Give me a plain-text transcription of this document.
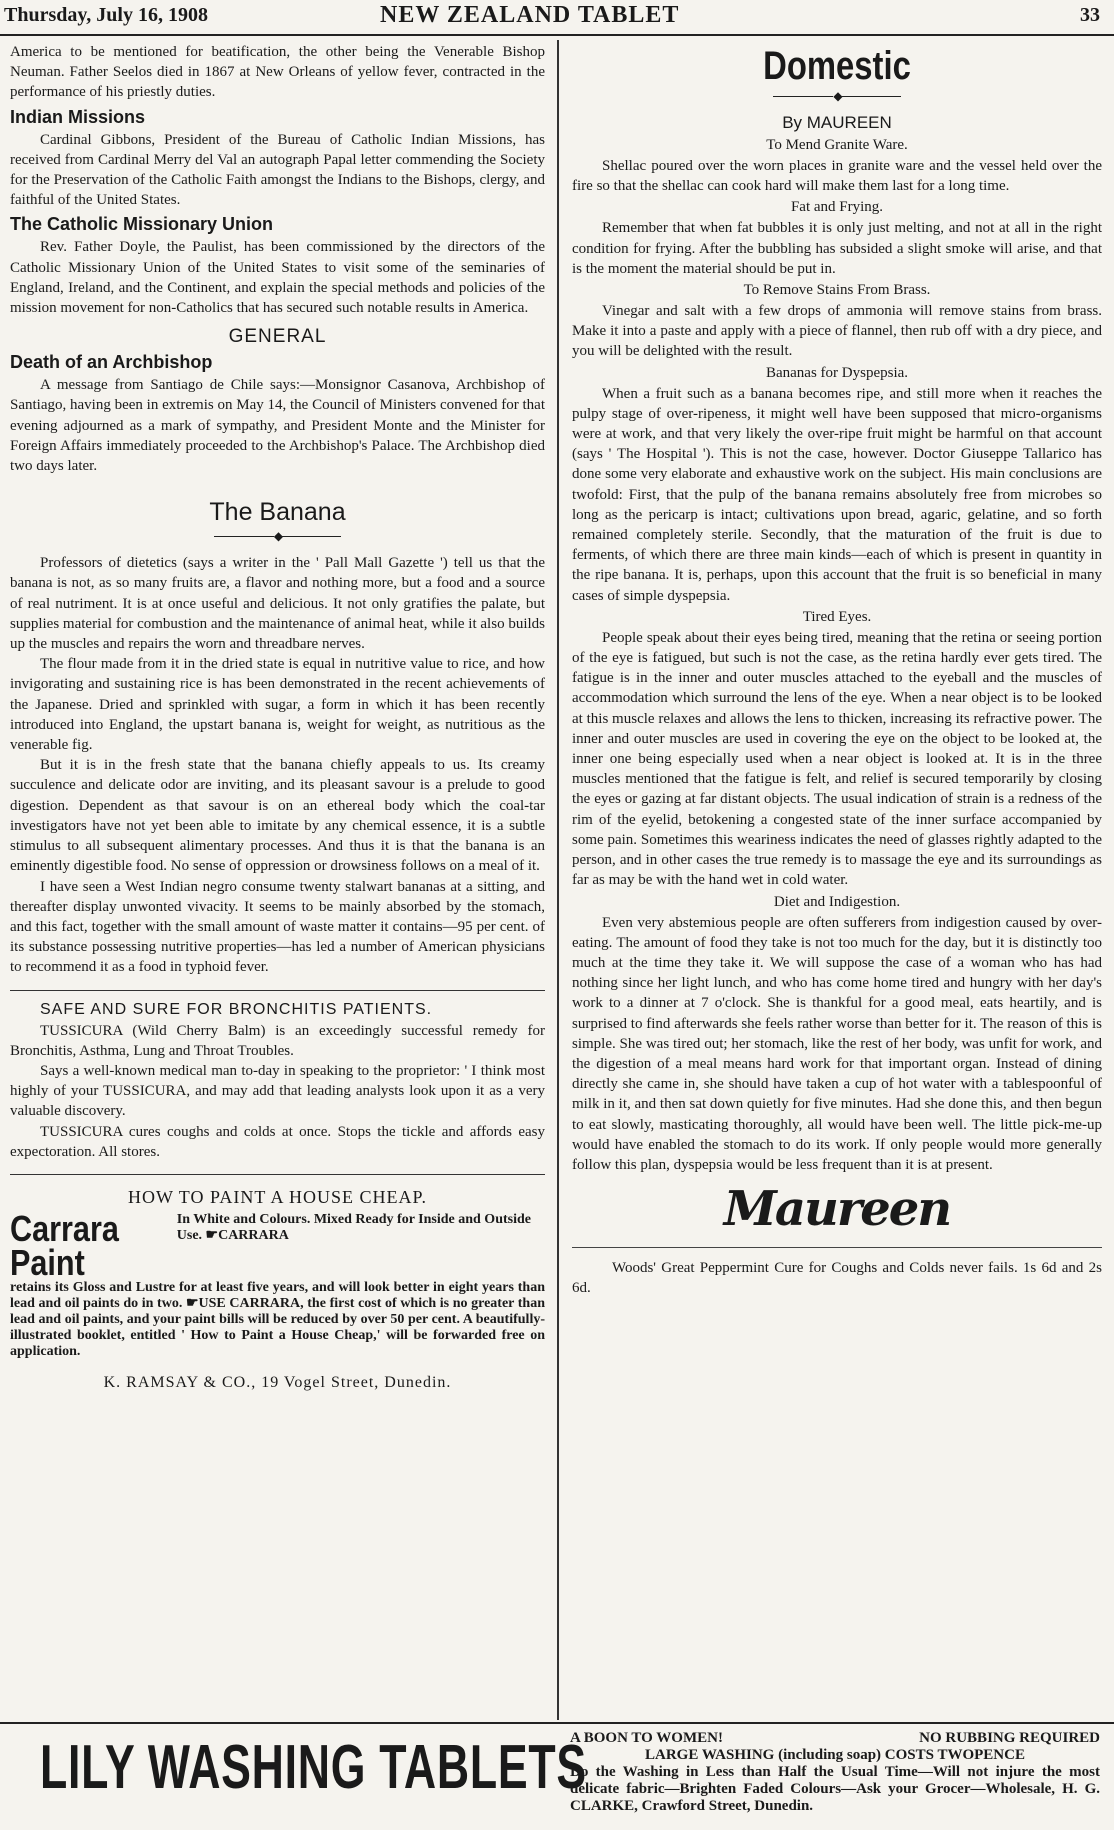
Thursday, July 16, 1908	NEW ZEALAND TABLET	33

America to be mentioned for beatification, the other being the Venerable Bishop Neuman. Father Seelos died in 1867 at New Orleans of yellow fever, contracted in the performance of his priestly duties.

Indian Missions

Cardinal Gibbons, President of the Bureau of Catholic Indian Missions, has received from Cardinal Merry del Val an autograph Papal letter commending the Society for the Preservation of the Catholic Faith amongst the Indians to the Bishops, clergy, and faithful of the United States.

The Catholic Missionary Union

Rev. Father Doyle, the Paulist, has been commissioned by the directors of the Catholic Missionary Union of the United States to visit some of the seminaries of England, Ireland, and the Continent, and explain the special methods and policies of the mission movement for non-Catholics that has secured such notable results in America.

GENERAL
Death of an Archbishop

A message from Santiago de Chile says:—Monsignor Casanova, Archbishop of Santiago, having been in extremis on May 14, the Council of Ministers convened for that evening adjourned as a mark of sympathy, and President Monte and the Minister for Foreign Affairs immediately proceeded to the Archbishop's Palace. The Archbishop died two days later.

The Banana
◆

Professors of dietetics (says a writer in the ' Pall Mall Gazette ') tell us that the banana is not, as so many fruits are, a flavor and nothing more, but a food and a source of real nutriment. It is at once useful and delicious. It not only gratifies the palate, but supplies material for combustion and the maintenance of animal heat, while it also builds up the muscles and repairs the worn and threadbare nerves.

The flour made from it in the dried state is equal in nutritive value to rice, and how invigorating and sustaining rice is has been demonstrated in the recent achievements of the Japanese. Dried and sprinkled with sugar, a form in which it has been recently introduced into England, the upstart banana is, weight for weight, as nutritious as the venerable fig.

But it is in the fresh state that the banana chiefly appeals to us. Its creamy succulence and delicate odor are inviting, and its pleasant savour is a prelude to good digestion. Dependent as that savour is on an ethereal body which the coal-tar investigators have not yet been able to imitate by any chemical essence, it is a subtle stimulus to all subsequent alimentary processes. And thus it is that the banana is an eminently digestible food. No sense of oppression or drowsiness follows on a meal of it.

I have seen a West Indian negro consume twenty stalwart bananas at a sitting, and thereafter display unwonted vivacity. It seems to be mainly absorbed by the stomach, and this fact, together with the small amount of waste matter it contains—95 per cent. of its substance possessing nutritive properties—has led a number of American physicians to recommend it as a food in typhoid fever.

SAFE AND SURE FOR BRONCHITIS PATIENTS.

TUSSICURA (Wild Cherry Balm) is an exceedingly successful remedy for Bronchitis, Asthma, Lung and Throat Troubles.

Says a well-known medical man to-day in speaking to the proprietor: ' I think most highly of your TUSSICURA, and may add that leading analysts look upon it as a very valuable discovery.

TUSSICURA cures coughs and colds at once. Stops the tickle and affords easy expectoration. All stores.

HOW TO PAINT A HOUSE CHEAP.
Carrara Paint
In White and Colours. Mixed Ready for Inside and Outside Use. ☛CARRARA
retains its Gloss and Lustre for at least five years, and will look better in eight years than lead and oil paints do in two. ☛USE CARRARA, the first cost of which is no greater than lead and oil paints, and your paint bills will be reduced by over 50 per cent. A beautifully-illustrated booklet, entitled ' How to Paint a House Cheap,' will be forwarded free on application.
K. RAMSAY & CO., 19 Vogel Street, Dunedin.
Domestic
◆
By MAUREEN
To Mend Granite Ware.

Shellac poured over the worn places in granite ware and the vessel held over the fire so that the shellac can cook hard will make them last for a long time.

Fat and Frying.

Remember that when fat bubbles it is only just melting, and not at all in the right condition for frying. After the bubbling has subsided a slight smoke will arise, and that is the moment the material should be put in.

To Remove Stains From Brass.

Vinegar and salt with a few drops of ammonia will remove stains from brass. Make it into a paste and apply with a piece of flannel, then rub off with a dry piece, and you will be delighted with the result.

Bananas for Dyspepsia.

When a fruit such as a banana becomes ripe, and still more when it reaches the pulpy stage of over-ripeness, it might well have been supposed that micro-organisms were at work, and that very likely the over-ripe fruit might be harmful on that account (says ' The Hospital '). This is not the case, however. Doctor Giuseppe Tallarico has done some very elaborate and exhaustive work on the subject. His main conclusions are twofold: First, that the pulp of the banana remains absolutely free from microbes so long as the pericarp is intact; cultivations upon bread, agaric, gelatine, and so forth remained completely sterile. Secondly, that the maturation of the fruit is due to ferments, of which there are three main kinds—each of which is present in quantity in the ripe banana. It is, perhaps, upon this account that the fruit is so beneficial in many cases of simple dyspepsia.

Tired Eyes.

People speak about their eyes being tired, meaning that the retina or seeing portion of the eye is fatigued, but such is not the case, as the retina hardly ever gets tired. The fatigue is in the inner and outer muscles attached to the eyeball and the muscles of accommodation which surround the lens of the eye. When a near object is to be looked at this muscle relaxes and allows the lens to thicken, increasing its refractive power. The inner and outer muscles are used in covering the eye on the object to be looked at, the inner one being especially used when a near object is looked at. It is in the three muscles mentioned that the fatigue is felt, and relief is secured temporarily by closing the eyes or gazing at far distant objects. The usual indication of strain is a redness of the rim of the eyelid, betokening a congested state of the inner surface accompanied by some pain. Sometimes this weariness indicates the need of glasses rightly adapted to the person, and in other cases the true remedy is to massage the eye and its surroundings as far as may be with the hand wet in cold water.

Diet and Indigestion.

Even very abstemious people are often sufferers from indigestion caused by over-eating. The amount of food they take is not too much for the day, but it is distinctly too much at the time they take it. We will suppose the case of a woman who has had nothing since her light lunch, and who has come home tired and hungry with her day's work to a dinner at 7 o'clock. She is thankful for a good meal, eats heartily, and is surprised to find afterwards she feels rather worse than better for it. The reason of this is simple. She was tired out; her stomach, like the rest of her body, was unfit for work, and the digestion of a meal means hard work for that important organ. Instead of dining directly she came in, she should have taken a cup of hot water with a tablespoonful of milk in it, and then sat down quietly for five minutes. Had she done this, and then begun to eat slowly, masticating thoroughly, all would have been well. The little pick-me-up would have enabled the stomach to do its work. If only people would more generally follow this plan, dyspepsia would be less frequent than it is at present.

Maureen

Woods' Great Peppermint Cure for Coughs and Colds never fails. 1s 6d and 2s 6d.

LILY WASHING TABLETS
A BOON TO WOMEN!	NO RUBBING REQUIRED
LARGE WASHING (including soap) COSTS TWOPENCE
Do the Washing in Less than Half the Usual Time—Will not injure the most delicate fabric—Brighten Faded Colours—Ask your Grocer—Wholesale, H. G. CLARKE, Crawford Street, Dunedin.
